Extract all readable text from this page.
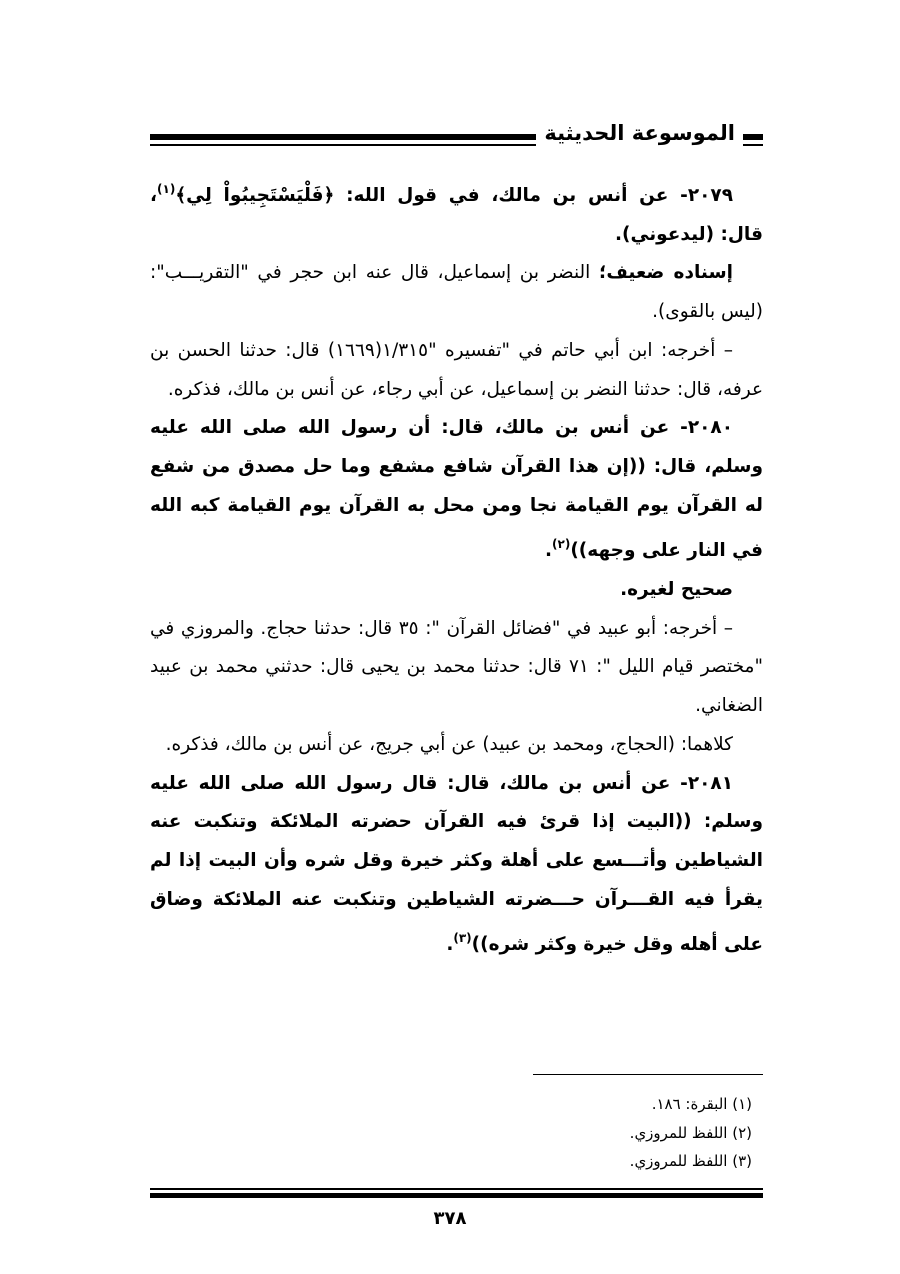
الموسوعة الحديثية

٢٠٧٩- عن أنس بن مالك، في قول الله: ﴿فَلْيَسْتَجِيبُواْ لِي﴾$^{(١)}$، قال: (ليدعوني).

إسناده ضعيف؛ النضر بن إسماعيل، قال عنه ابن حجر في "التقريـــب": (ليس بالقوى).

– أخرجه: ابن أبي حاتم في "تفسيره "١/٣١٥(١٦٦٩) قال: حدثنا الحسن بن عرفه، قال: حدثنا النضر بن إسماعيل، عن أبي رجاء، عن أنس بن مالك، فذكره.

٢٠٨٠- عن أنس بن مالك، قال: أن رسول الله صلى الله عليه وسلم، قال: ((إن هذا القرآن شافع مشفع وما حل مصدق من شفع له القرآن يوم القيامة نجا ومن محل به القرآن يوم القيامة كبه الله في النار على وجهه))$^{(٢)}$.

صحيح لغيره.

– أخرجه: أبو عبيد في "فضائل القرآن ": ٣٥ قال: حدثنا حجاج. والمروزي في "مختصر قيام الليل ": ٧١ قال: حدثنا محمد بن يحيى قال: حدثني محمد بن عبيد الضغاني.

كلاهما: (الحجاج، ومحمد بن عبيد) عن أبي جريج، عن أنس بن مالك، فذكره.

٢٠٨١- عن أنس بن مالك، قال: قال رسول الله صلى الله عليه وسلم: ((البيت إذا قرئ فيه القرآن حضرته الملائكة وتنكبت عنه الشياطين وأتـــسع على أهلة وكثر خيرة وقل شره وأن البيت إذا لم يقرأ فيه القـــرآن حـــضرته الشياطين وتنكبت عنه الملائكة وضاق على أهله وقل خيرة وكثر شره))$^{(٣)}$.

(١) البقرة: ١٨٦.

(٢) اللفظ للمروزي.

(٣) اللفظ للمروزي.

٣٧٨
